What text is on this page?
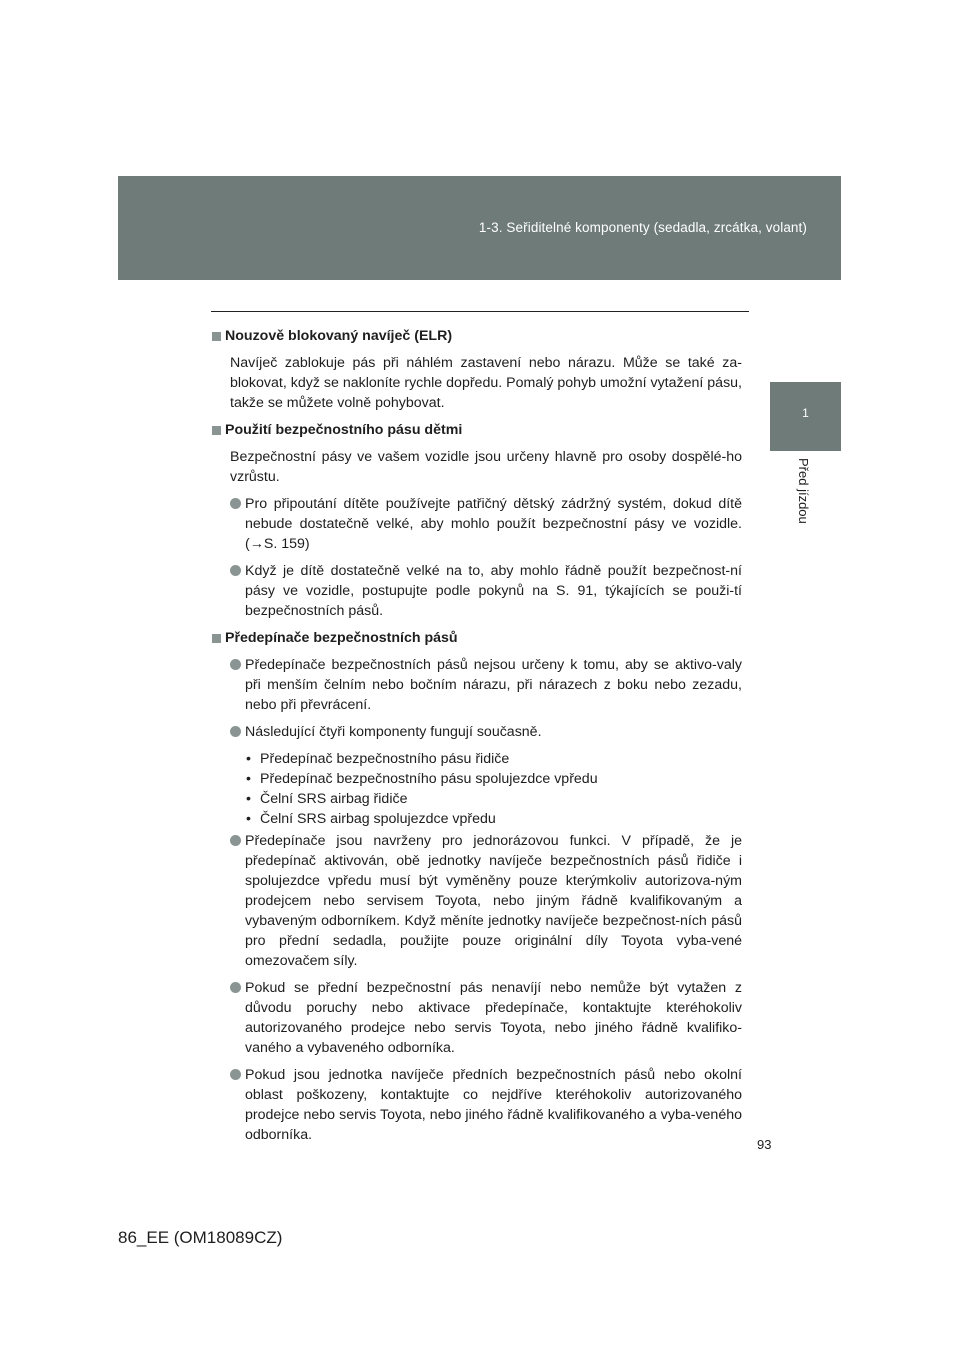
1-3. Seřiditelné komponenty (sedadla, zrcátka, volant)
1
Před jízdou
Nouzově blokovaný navíječ (ELR)
Navíječ zablokuje pás při náhlém zastavení nebo nárazu. Může se také za-blokovat, když se nakloníte rychle dopředu. Pomalý pohyb umožní vytažení pásu, takže se můžete volně pohybovat.
Použití bezpečnostního pásu dětmi
Bezpečnostní pásy ve vašem vozidle jsou určeny hlavně pro osoby dospělé-ho vzrůstu.
Pro připoutání dítěte používejte patřičný dětský zádržný systém, dokud dítě nebude dostatečně velké, aby mohlo použít bezpečnostní pásy ve vozidle. (→S. 159)
Když je dítě dostatečně velké na to, aby mohlo řádně použít bezpečnost-ní pásy ve vozidle, postupujte podle pokynů na S. 91, týkajících se použi-tí bezpečnostních pásů.
Předepínače bezpečnostních pásů
Předepínače bezpečnostních pásů nejsou určeny k tomu, aby se aktivo-valy při menším čelním nebo bočním nárazu, při nárazech z boku nebo zezadu, nebo při převrácení.
Následující čtyři komponenty fungují současně.
• Předepínač bezpečnostního pásu řidiče
• Předepínač bezpečnostního pásu spolujezdce vpředu
• Čelní SRS airbag řidiče
• Čelní SRS airbag spolujezdce vpředu
Předepínače jsou navrženy pro jednorázovou funkci. V případě, že je předepínač aktivován, obě jednotky navíječe bezpečnostních pásů řidiče i spolujezdce vpředu musí být vyměněny pouze kterýmkoliv autorizova-ným prodejcem nebo servisem Toyota, nebo jiným řádně kvalifikovaným a vybaveným odborníkem. Když měníte jednotky navíječe bezpečnost-ních pásů pro přední sedadla, použijte pouze originální díly Toyota vyba-vené omezovačem síly.
Pokud se přední bezpečnostní pás nenavíjí nebo nemůže být vytažen z důvodu poruchy nebo aktivace předepínače, kontaktujte kteréhokoliv autorizovaného prodejce nebo servis Toyota, nebo jiného řádně kvalifiko-vaného a vybaveného odborníka.
Pokud jsou jednotka navíječe předních bezpečnostních pásů nebo okolní oblast poškozeny, kontaktujte co nejdříve kteréhokoliv autorizovaného prodejce nebo servis Toyota, nebo jiného řádně kvalifikovaného a vyba-veného odborníka.
93
86_EE (OM18089CZ)
